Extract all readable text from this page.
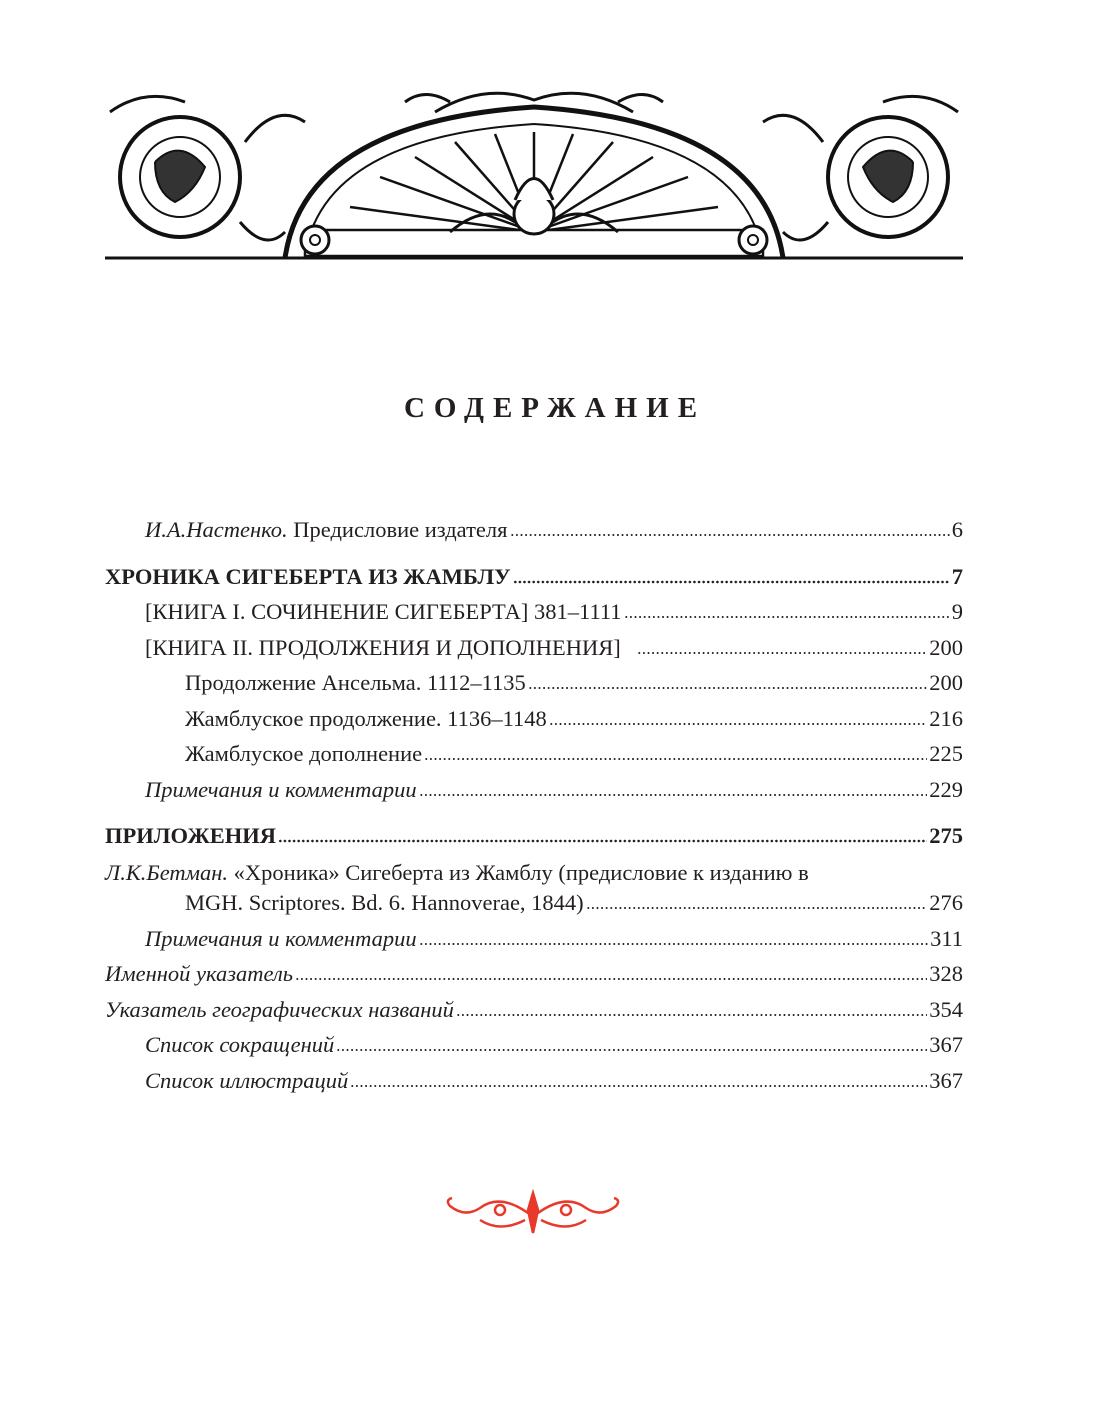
СОДЕРЖАНИЕ
И.А.Настенко. Предисловие издателя	6
ХРОНИКА СИГЕБЕРТА ИЗ ЖАМБЛУ	7
[КНИГА I. СОЧИНЕНИЕ СИГЕБЕРТА] 381–1111	9
[КНИГА II. ПРОДОЛЖЕНИЯ И ДОПОЛНЕНИЯ]	200
Продолжение Ансельма. 1112–1135	200
Жамблуское продолжение. 1136–1148	216
Жамблуское дополнение	225
Примечания и комментарии	229
ПРИЛОЖЕНИЯ	275
Л.К.Бетман. «Хроника» Сигеберта из Жамблу (предисловие к изданию в
MGH. Scriptores. Bd. 6. Hannoverae, 1844)	276
Примечания и комментарии	311
Именной указатель	328
Указатель географических названий	354
Список сокращений	367
Список иллюстраций	367
